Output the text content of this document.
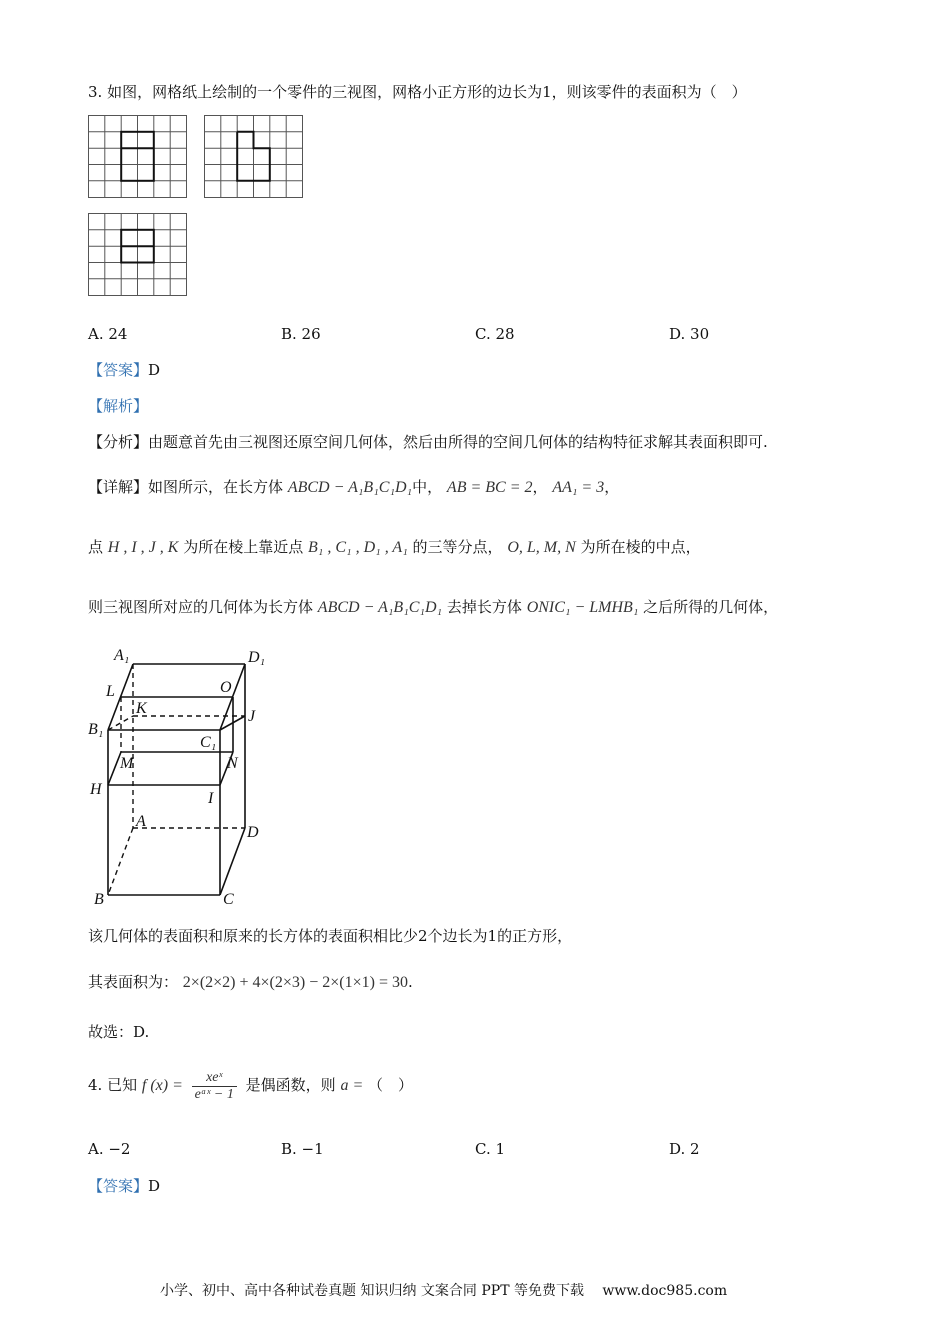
3. 如图，网格纸上绘制的一个零件的三视图，网格小正方形的边长为1，则该零件的表面积为（　）
A. 24	B. 26	C. 28	D. 30
【答案】D
【解析】
【分析】由题意首先由三视图还原空间几何体，然后由所得的空间几何体的结构特征求解其表面积即可.
【详解】如图所示，在长方体 ABCD − A₁B₁C₁D₁中， AB = BC = 2， AA₁ = 3，
点 H , I , J , K 为所在棱上靠近点 B₁ , C₁ , D₁ , A₁ 的三等分点， O, L, M, N 为所在棱的中点，
则三视图所对应的几何体为长方体 ABCD − A₁B₁C₁D₁ 去掉长方体 ONIC₁ − LMHB₁ 之后所得的几何体，
A₁	D₁
L	O
K	J
B₁
C₁
M	N
H
I
A
D
B	C
该几何体的表面积和原来的长方体的表面积相比少2个边长为1的正方形，
其表面积为： 2×(2×2) + 4×(2×3) − 2×(1×1) = 30.
故选：D.
4. 已知 f $(x) = \frac{\text{xeˣ}}{\text{eᵃˣ − 1}}$ 是偶函数，则 a = （　）
A. −2	B. −1	C. 1	D. 2
【答案】D
小学、初中、高中各种试卷真题 知识归纳 文案合同 PPT 等免费下载　 www.doc985.com
